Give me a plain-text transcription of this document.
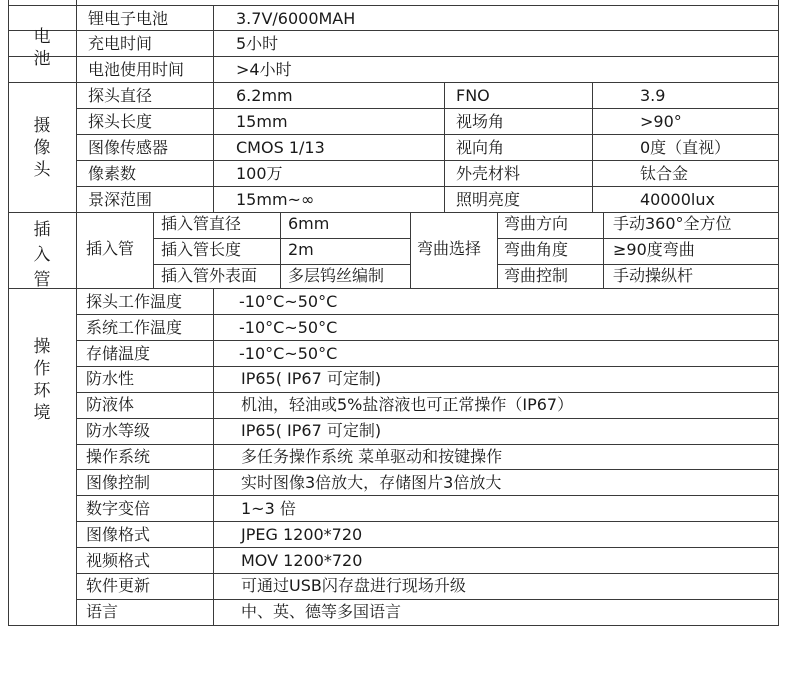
电
池
锂电子电池	3.7V/6000MAH
充电时间	5小时
电池使用时间	>4小时
摄
像
头
探头直径	6.2mm	FNO	3.9
探头长度	15mm	视场角	>90°
图像传感器	CMOS 1/13	视向角	0度（直视）
像素数	100万	外壳材料	钛合金
景深范围	15mm~∞	照明亮度	40000lux
插
入
管
插入管	弯曲选择
插入管直径	6mm	弯曲方向	手动360°全方位
插入管长度	2m	弯曲角度	≥90度弯曲
插入管外表面 多层钨丝编制	弯曲控制	手动操纵杆
操
作
环
境
探头工作温度	-10°C~50°C
系统工作温度	-10°C~50°C
存储温度	-10°C~50°C
防水性	IP65( IP67 可定制)
防液体	机油，轻油或5%盐溶液也可正常操作（IP67）
防水等级	IP65( IP67 可定制)
操作系统	多任务操作系统 菜单驱动和按键操作
图像控制	实时图像3倍放大，存储图片3倍放大
数字变倍	1~3 倍
图像格式	JPEG 1200*720
视频格式	MOV 1200*720
软件更新	可通过USB闪存盘进行现场升级
语言	中、英、德等多国语言
